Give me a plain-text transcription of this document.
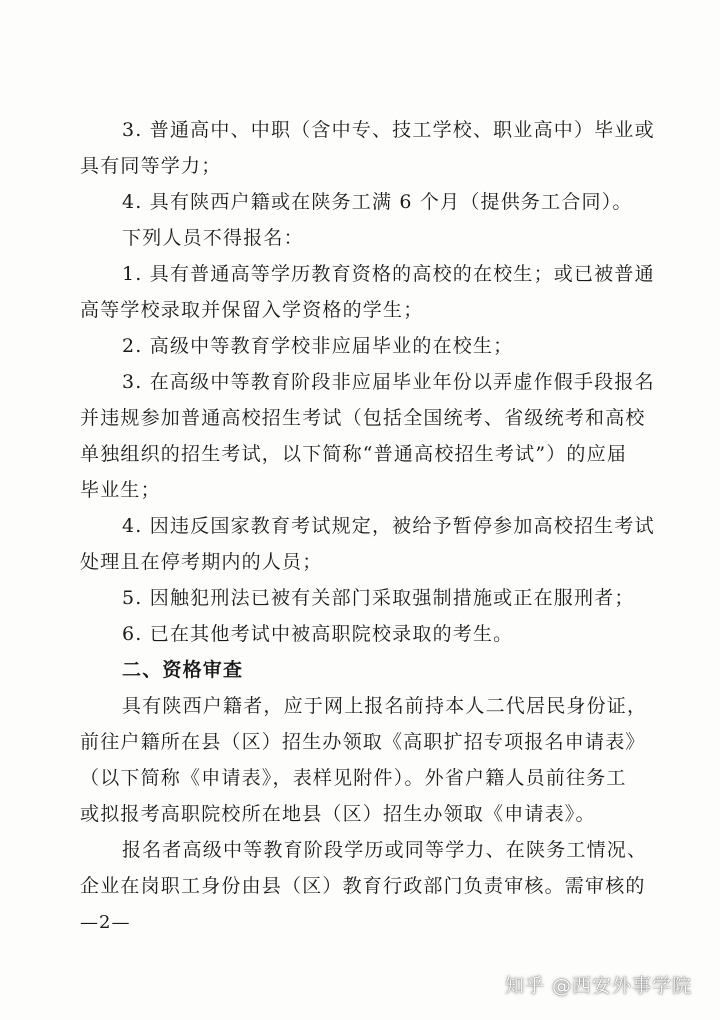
3. 普通高中、中职（含中专、技工学校、职业高中）毕业或
具有同等学力；
4. 具有陕西户籍或在陕务工满 6 个月（提供务工合同）。
下列人员不得报名：
1. 具有普通高等学历教育资格的高校的在校生；或已被普通
高等学校录取并保留入学资格的学生；
2. 高级中等教育学校非应届毕业的在校生；
3. 在高级中等教育阶段非应届毕业年份以弄虚作假手段报名
并违规参加普通高校招生考试（包括全国统考、省级统考和高校
单独组织的招生考试，以下简称“普通高校招生考试”）的应届
毕业生；
4. 因违反国家教育考试规定，被给予暂停参加高校招生考试
处理且在停考期内的人员；
5. 因触犯刑法已被有关部门采取强制措施或正在服刑者；
6. 已在其他考试中被高职院校录取的考生。
二、资格审查
具有陕西户籍者，应于网上报名前持本人二代居民身份证，
前往户籍所在县（区）招生办领取《高职扩招专项报名申请表》
（以下简称《申请表》，表样见附件）。外省户籍人员前往务工
或拟报考高职院校所在地县（区）招生办领取《申请表》。
报名者高级中等教育阶段学历或同等学力、在陕务工情况、
企业在岗职工身份由县（区）教育行政部门负责审核。需审核的
—2—
知乎 @西安外事学院
